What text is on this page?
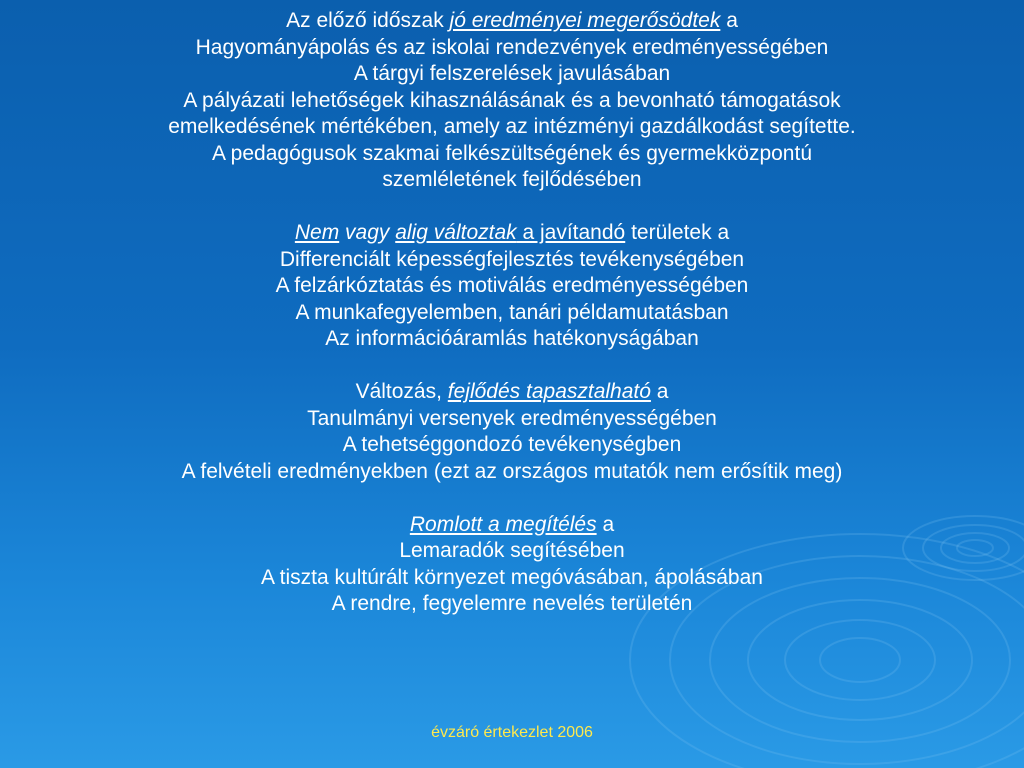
Az előző időszak jó eredményei megerősödtek a
Hagyományápolás és az iskolai rendezvények eredményességében
A tárgyi felszerelések javulásában
A pályázati lehetőségek kihasználásának és a bevonható támogatások
emelkedésének mértékében, amely az intézményi gazdálkodást segítette.
A pedagógusok szakmai felkészültségének és gyermekközpontú
szemléletének fejlődésében
Nem vagy alig változtak a javítandó területek a
Differenciált képességfejlesztés tevékenységében
A felzárkóztatás és motiválás eredményességében
A munkafegyelemben, tanári példamutatásban
Az információáramlás hatékonyságában
Változás, fejlődés tapasztalható a
Tanulmányi versenyek eredményességében
A tehetséggondozó tevékenységben
A felvételi eredményekben (ezt az országos mutatók nem erősítik meg)
Romlott a megítélés a
Lemaradók segítésében
A tiszta kultúrált környezet megóvásában, ápolásában
A rendre, fegyelemre nevelés területén
évzáró értekezlet 2006
